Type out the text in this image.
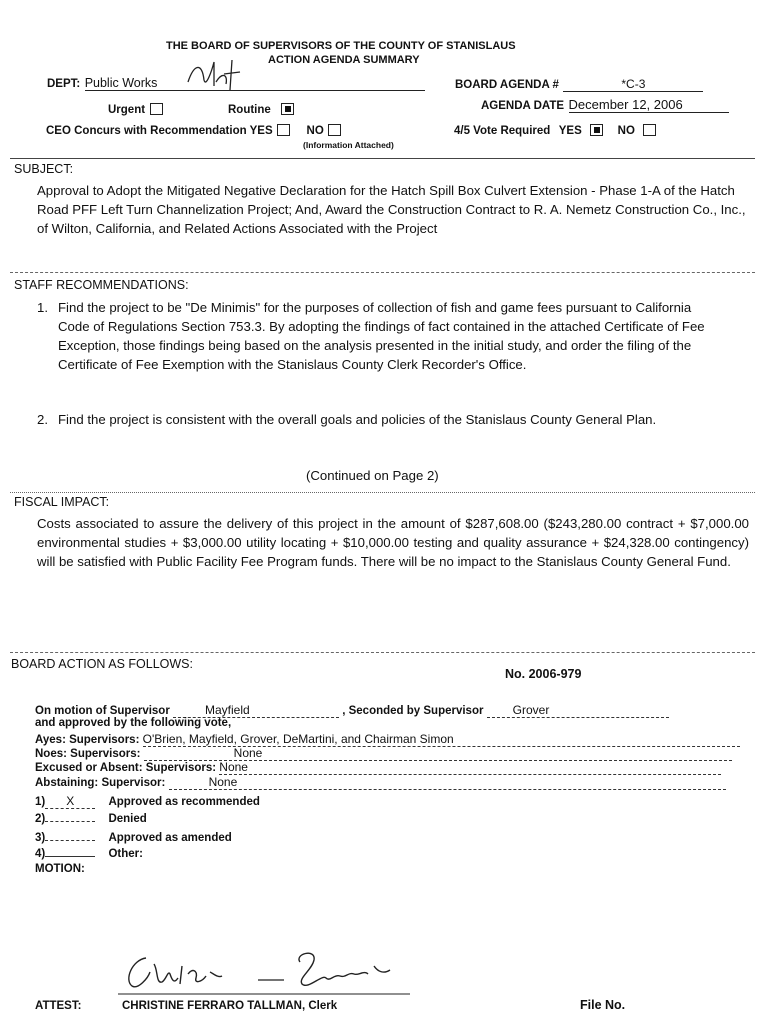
THE BOARD OF SUPERVISORS OF THE COUNTY OF STANISLAUS
ACTION AGENDA SUMMARY
DEPT: Public Works	BOARD AGENDA #	*C-3
Urgent	Routine	AGENDA DATE December 12, 2006
CEO Concurs with Recommendation YES	NO
(Information Attached)
4/5 Vote Required YES	NO
SUBJECT:
Approval to Adopt the Mitigated Negative Declaration for the Hatch Spill Box Culvert Extension - Phase 1-A of the Hatch Road PFF Left Turn Channelization Project; And, Award the Construction Contract to R. A. Nemetz Construction Co., Inc., of Wilton, California, and Related Actions Associated with the Project
STAFF RECOMMENDATIONS:
1. Find the project to be "De Minimis" for the purposes of collection of fish and game fees pursuant to California Code of Regulations Section 753.3. By adopting the findings of fact contained in the attached Certificate of Fee Exception, those findings being based on the analysis presented in the initial study, and order the filing of the Certificate of Fee Exemption with the Stanislaus County Clerk Recorder's Office.
2. Find the project is consistent with the overall goals and policies of the Stanislaus County General Plan.
(Continued on Page 2)
FISCAL IMPACT:
Costs associated to assure the delivery of this project in the amount of $287,608.00 ($243,280.00 contract + $7,000.00 environmental studies + $3,000.00 utility locating + $10,000.00 testing and quality assurance + $24,328.00 contingency) will be satisfied with Public Facility Fee Program funds. There will be no impact to the Stanislaus County General Fund.
BOARD ACTION AS FOLLOWS:
No. 2006-979
On motion of Supervisor	Mayfield	, Seconded by Supervisor Grover
and approved by the following vote,
Ayes: Supervisors: O'Brien, Mayfield, Grover, DeMartini, and Chairman Simon
Noes: Supervisors:	None
Excused or Absent: Supervisors: None
Abstaining: Supervisor:	None
1) X	Approved as recommended
2)	Denied
3)	Approved as amended
4)	Other:
MOTION:
ATTEST:	CHRISTINE FERRARO TALLMAN, Clerk	File No.
